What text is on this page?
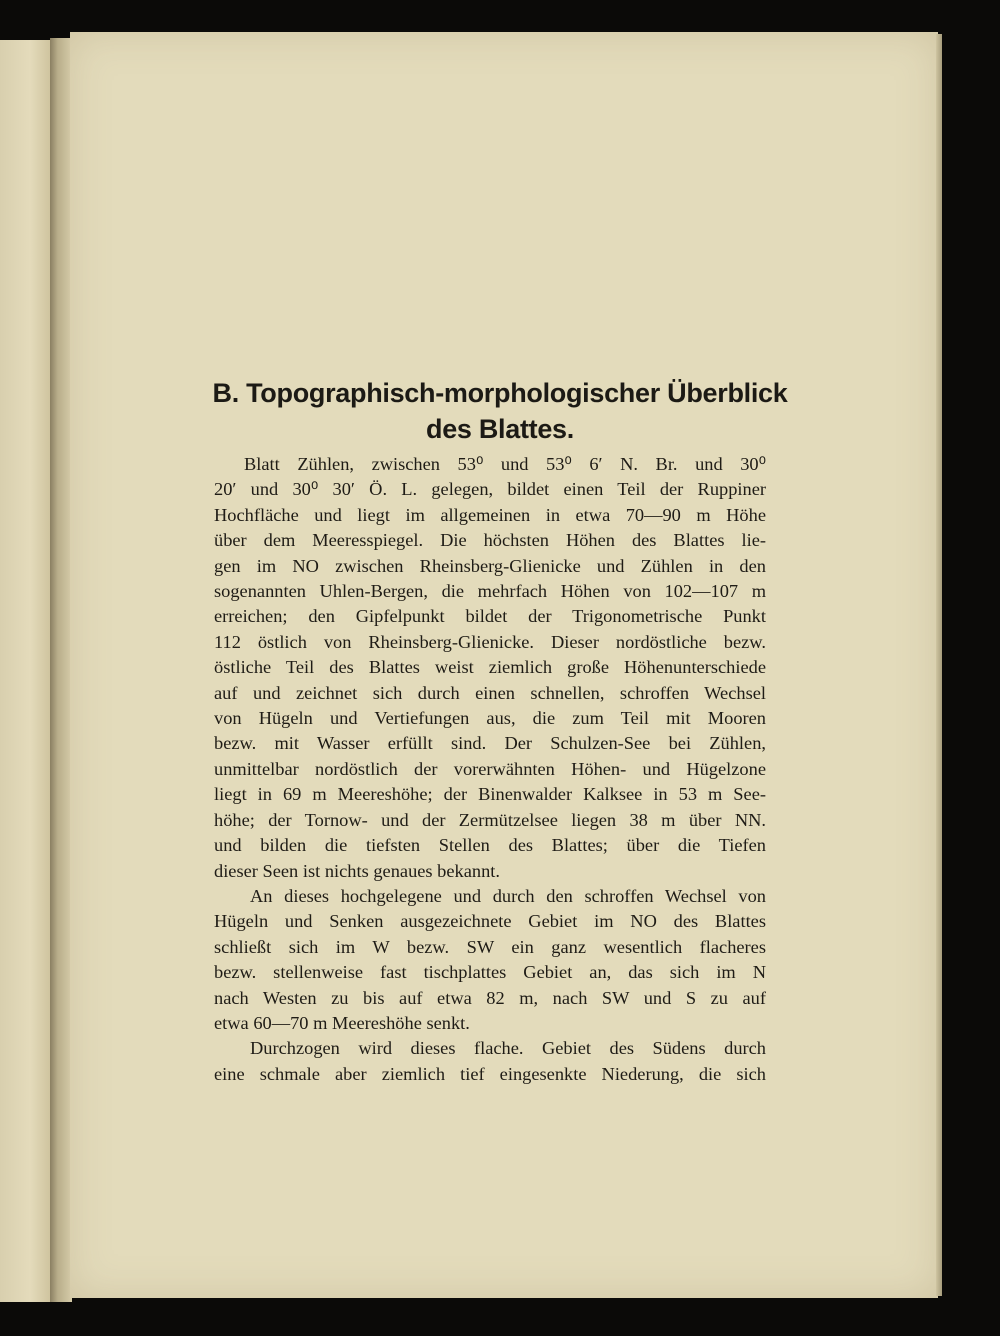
B. Topographisch-morphologischer Überblick
des Blattes.
Blatt Zühlen, zwischen 53⁰ und 53⁰ 6′ N. Br. und 30⁰
20′ und 30⁰ 30′ Ö. L. gelegen, bildet einen Teil der Ruppiner
Hochfläche und liegt im allgemeinen in etwa 70—90 m Höhe
über dem Meeresspiegel. Die höchsten Höhen des Blattes lie-
gen im NO zwischen Rheinsberg-Glienicke und Zühlen in den
sogenannten Uhlen-Bergen, die mehrfach Höhen von 102—107 m
erreichen; den Gipfelpunkt bildet der Trigonometrische Punkt
112 östlich von Rheinsberg-Glienicke. Dieser nordöstliche bezw.
östliche Teil des Blattes weist ziemlich große Höhenunterschiede
auf und zeichnet sich durch einen schnellen, schroffen Wechsel
von Hügeln und Vertiefungen aus, die zum Teil mit Mooren
bezw. mit Wasser erfüllt sind. Der Schulzen-See bei Zühlen,
unmittelbar nordöstlich der vorerwähnten Höhen- und Hügelzone
liegt in 69 m Meereshöhe; der Binenwalder Kalksee in 53 m See-
höhe; der Tornow- und der Zermützelsee liegen 38 m über NN.
und bilden die tiefsten Stellen des Blattes; über die Tiefen
dieser Seen ist nichts genaues bekannt.
An dieses hochgelegene und durch den schroffen Wechsel von
Hügeln und Senken ausgezeichnete Gebiet im NO des Blattes
schließt sich im W bezw. SW ein ganz wesentlich flacheres
bezw. stellenweise fast tischplattes Gebiet an, das sich im N
nach Westen zu bis auf etwa 82 m, nach SW und S zu auf
etwa 60—70 m Meereshöhe senkt.
Durchzogen wird dieses flache. Gebiet des Südens durch
eine schmale aber ziemlich tief eingesenkte Niederung, die sich
